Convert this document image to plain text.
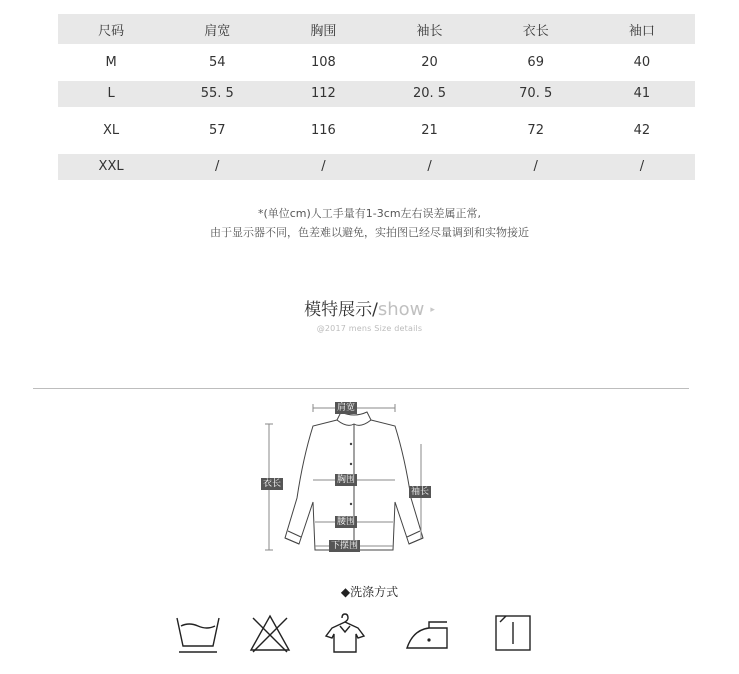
尺码	肩宽	胸围	袖长	衣长	袖口
M	54	108	20	69	40
L	55. 5	112	20. 5	70. 5	41
XL	57	116	21	72	42
XXL	/	/	/	/	/
*(单位cm)人工手量有1-3cm左右误差属正常,
由于显示器不同，色差难以避免，实拍图已经尽量调到和实物接近
模特展示/show ▸
@2017 mens Size details
肩宽
胸围
衣长
袖长
腰围
下摆围
◆洗涤方式
